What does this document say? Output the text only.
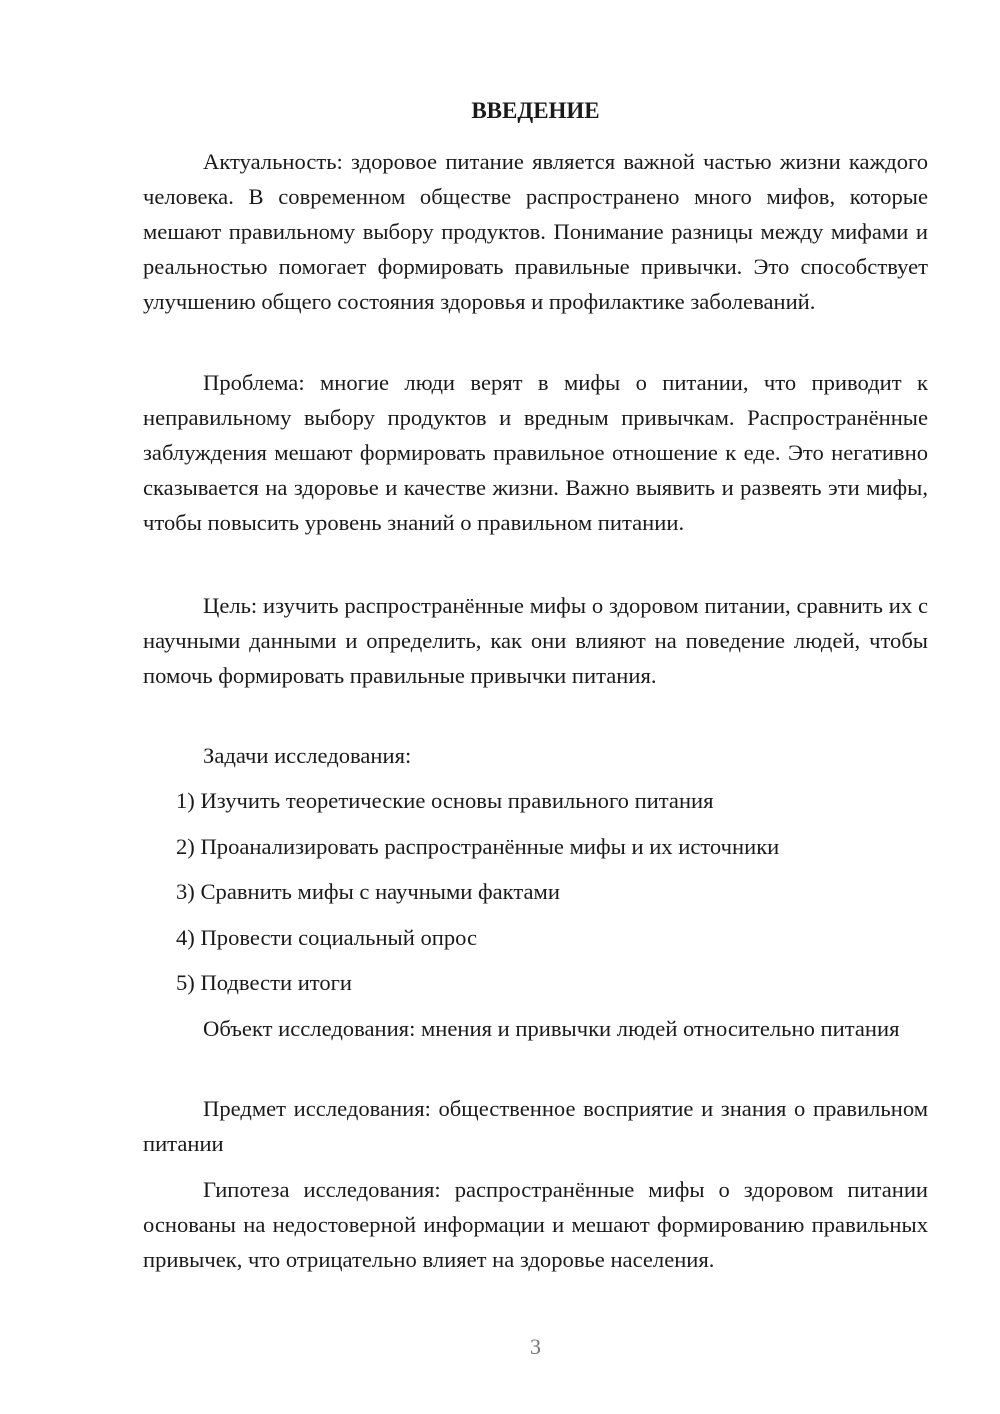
ВВЕДЕНИЕ

Актуальность: здоровое питание является важной частью жизни каждого человека. В современном обществе распространено много мифов, которые мешают правильному выбору продуктов. Понимание разницы между мифами и реальностью помогает формировать правильные привычки. Это способствует улучшению общего состояния здоровья и профилактике заболеваний.

Проблема: многие люди верят в мифы о питании, что приводит к неправильному выбору продуктов и вредным привычкам. Распространённые заблуждения мешают формировать правильное отношение к еде. Это негативно сказывается на здоровье и качестве жизни. Важно выявить и развеять эти мифы, чтобы повысить уровень знаний о правильном питании.

Цель: изучить распространённые мифы о здоровом питании, сравнить их с научными данными и определить, как они влияют на поведение людей, чтобы помочь формировать правильные привычки питания.

Задачи исследования:
1) Изучить теоретические основы правильного питания
2) Проанализировать распространённые мифы и их источники
3) Сравнить мифы с научными фактами
4) Провести социальный опрос
5) Подвести итоги

Объект исследования: мнения и привычки людей относительно питания

Предмет исследования: общественное восприятие и знания о правильном питании

Гипотеза исследования: распространённые мифы о здоровом питании основаны на недостоверной информации и мешают формированию правильных привычек, что отрицательно влияет на здоровье населения.

3
